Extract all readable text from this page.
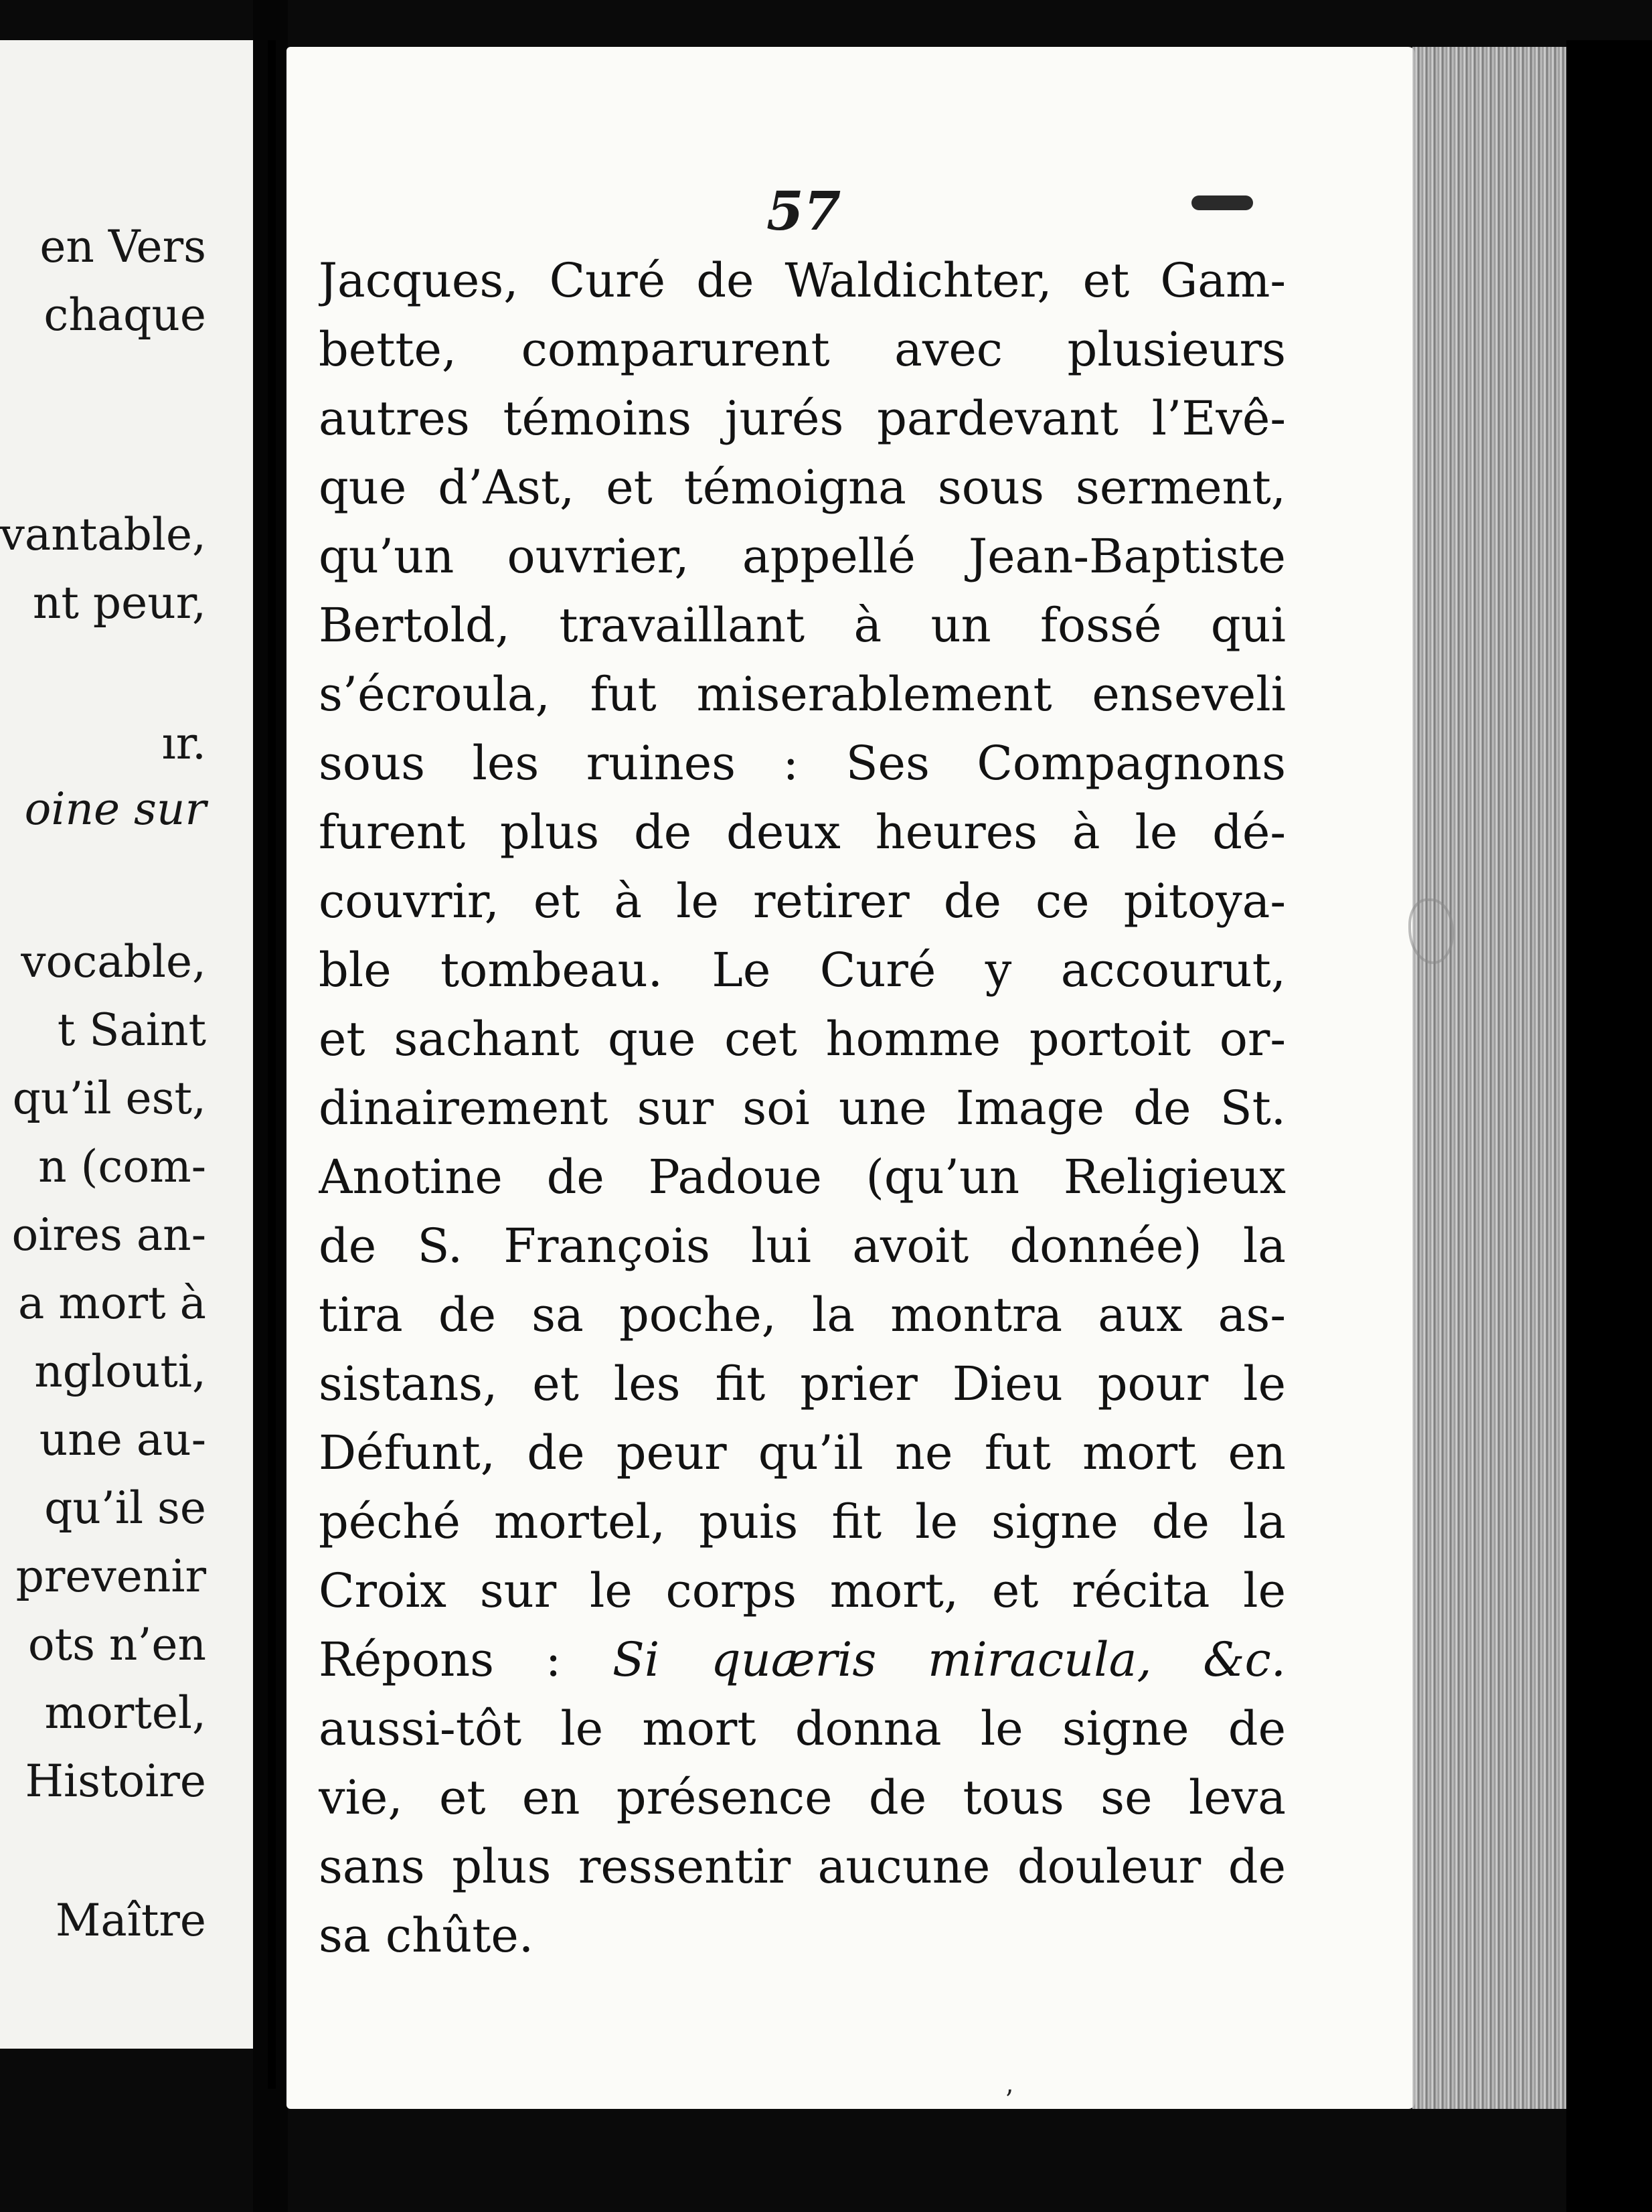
en Vers
chaque
vantable,
nt peur,
ır.
oine sur
vocable,
t Saint
qu’il est,
n (com-
oires an-
a mort à
nglouti,
une au-
qu’il se
prevenir
ots n’en
mortel,
Histoire
Maître
57
ʼ
Jacques, Curé de Waldichter, et Gam-
bette, comparurent avec plusieurs
autres témoins jurés pardevant l’Evê-
que d’Ast, et témoigna sous serment,
qu’un ouvrier, appellé Jean-Baptiste
Bertold, travaillant à un fossé qui
s’écroula, fut miserablement enseveli
sous les ruines : Ses Compagnons
furent plus de deux heures à le dé-
couvrir, et à le retirer de ce pitoya-
ble tombeau. Le Curé y accourut,
et sachant que cet homme portoit or-
dinairement sur soi une Image de St.
Anotine de Padoue (qu’un Religieux
de S. François lui avoit donnée) la
tira de sa poche, la montra aux as-
sistans, et les fit prier Dieu pour le
Défunt, de peur qu’il ne fut mort en
péché mortel, puis fit le signe de la
Croix sur le corps mort, et récita le
Répons : Si quæris miracula, &c.
aussi-tôt le mort donna le signe de
vie, et en présence de tous se leva
sans plus ressentir aucune douleur de
sa chûte.
